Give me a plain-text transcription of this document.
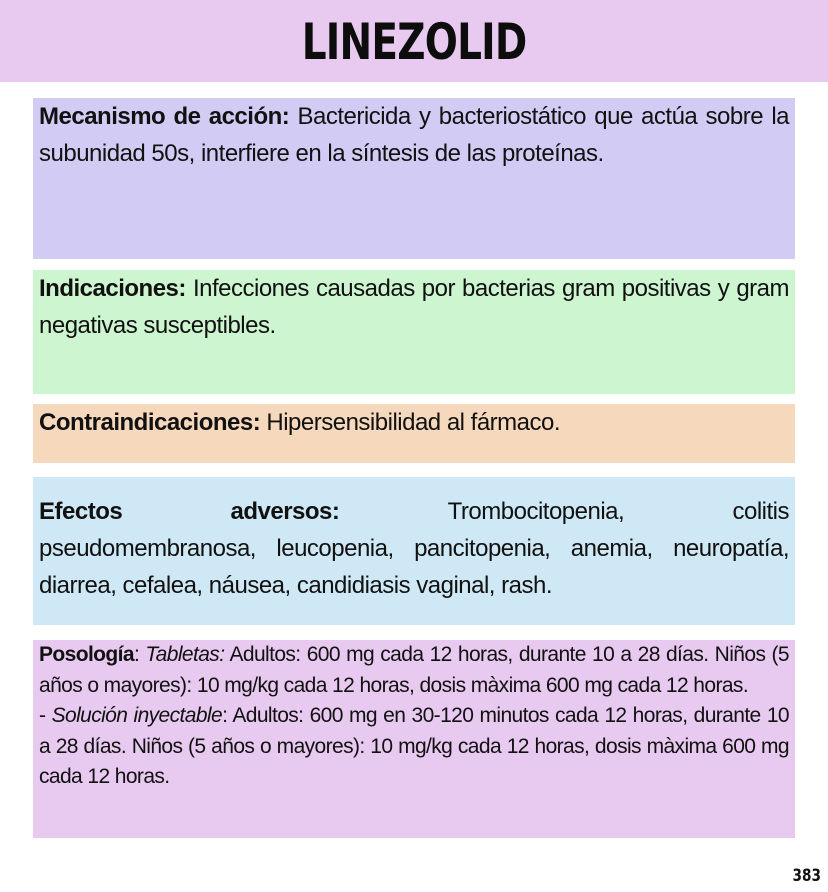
LINEZOLID
Mecanismo de acción: Bactericida y bacteriostático que actúa sobre la subunidad 50s, interfiere en la síntesis de las proteínas.
Indicaciones: Infecciones causadas por bacterias gram positivas y gram negativas susceptibles.
Contraindicaciones: Hipersensibilidad al fármaco.
Efectos	adversos:	Trombocitopenia,	colitis
pseudomembranosa, leucopenia, pancitopenia, anemia, neuropatía, diarrea, cefalea, náusea, candidiasis vaginal, rash.

Posología: Tabletas: Adultos: 600 mg cada 12 horas, durante 10 a 28 días. Niños (5 años o mayores): 10 mg/kg cada 12 horas, dosis màxima 600 mg cada 12 horas.

- Solución inyectable: Adultos: 600 mg en 30-120 minutos cada 12 horas, durante 10 a 28 días. Niños (5 años o mayores): 10 mg/kg cada 12 horas, dosis màxima 600 mg cada 12 horas.

383
